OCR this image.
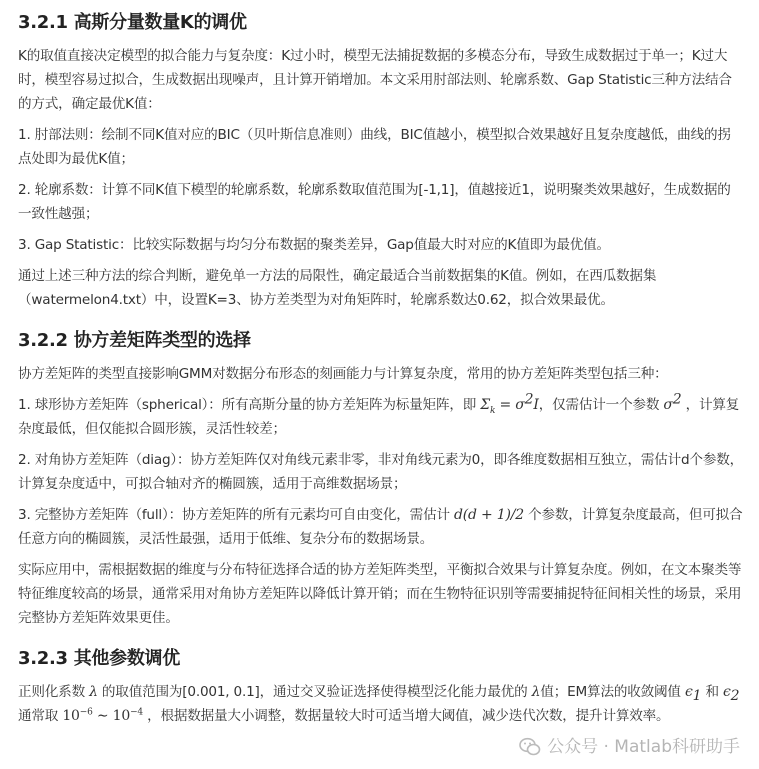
3.2.1 高斯分量数量K的调优

K的取值直接决定模型的拟合能力与复杂度：K过小时，模型无法捕捉数据的多模态分布，导致生成数据过于单一；K过大时，模型容易过拟合，生成数据出现噪声，且计算开销增加。本文采用肘部法则、轮廓系数、Gap Statistic三种方法结合的方式，确定最优K值：

1. 肘部法则：绘制不同K值对应的BIC（贝叶斯信息准则）曲线，BIC值越小，模型拟合效果越好且复杂度越低，曲线的拐点处即为最优K值；

2. 轮廓系数：计算不同K值下模型的轮廓系数，轮廓系数取值范围为[-1,1]，值越接近1，说明聚类效果越好，生成数据的一致性越强；

3. Gap Statistic：比较实际数据与均匀分布数据的聚类差异，Gap值最大时对应的K值即为最优值。

通过上述三种方法的综合判断，避免单一方法的局限性，确定最适合当前数据集的K值。例如，在西瓜数据集（watermelon4.txt）中，设置K=3、协方差类型为对角矩阵时，轮廓系数达0.62，拟合效果最优。

3.2.2 协方差矩阵类型的选择

协方差矩阵的类型直接影响GMM对数据分布形态的刻画能力与计算复杂度，常用的协方差矩阵类型包括三种：

1. 球形协方差矩阵（spherical）：所有高斯分量的协方差矩阵为标量矩阵，即 $\Sigma_k = \sigma^2I$，仅需估计一个参数 $\sigma^2$ ，计算复杂度最低，但仅能拟合圆形簇，灵活性较差；

2. 对角协方差矩阵（diag）：协方差矩阵仅对角线元素非零，非对角线元素为0，即各维度数据相互独立，需估计d个参数，计算复杂度适中，可拟合轴对齐的椭圆簇，适用于高维数据场景；

3. 完整协方差矩阵（full）：协方差矩阵的所有元素均可自由变化，需估计 d(d + 1)/2 个参数，计算复杂度最高，但可拟合任意方向的椭圆簇，灵活性最强，适用于低维、复杂分布的数据场景。

实际应用中，需根据数据的维度与分布特征选择合适的协方差矩阵类型，平衡拟合效果与计算复杂度。例如，在文本聚类等特征维度较高的场景，通常采用对角协方差矩阵以降低计算开销；而在生物特征识别等需要捕捉特征间相关性的场景，采用完整协方差矩阵效果更佳。

3.2.3 其他参数调优

正则化系数 λ 的取值范围为[0.001, 0.1]，通过交叉验证选择使得模型泛化能力最优的 λ值；EM算法的收敛阈值 $\epsilon_1$ 和 $\epsilon_2$ 通常取 $10^{-6}$ ∼ $10^{-4}$ ，根据数据量大小调整，数据量较大时可适当增大阈值，减少迭代次数，提升计算效率。

公众号 · Matlab科研助手
